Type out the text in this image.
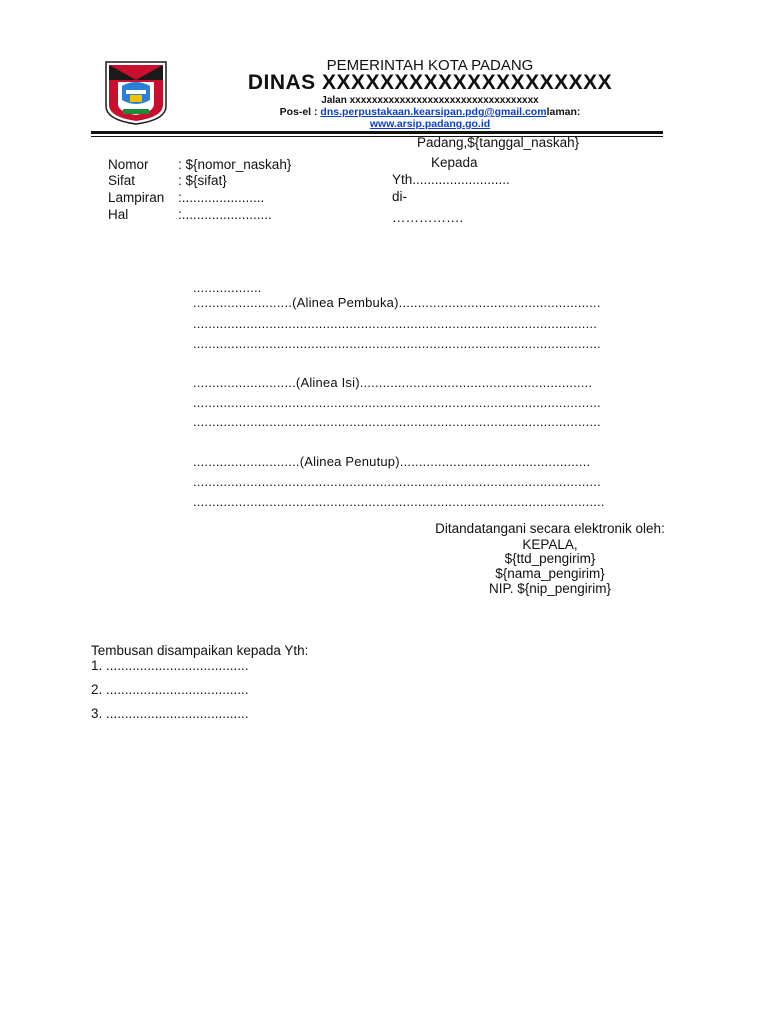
PEMERINTAH KOTA PADANG
DINAS XXXXXXXXXXXXXXXXXXXX
Jalan xxxxxxxxxxxxxxxxxxxxxxxxxxxxxxxxxx
Pos-el : dns.perpustakaan.kearsipan.pdg@gmail.comlaman:
www.arsip.padang.go.id
Padang,${tanggal_naskah}
Nomor : ${nomor_naskah}
Sifat	: ${sifat}
Lampiran :......................
Hal	:........................
Kepada
Yth..........................
di-
…………….
..................
..........................(Alinea Pembuka).....................................................
..........................................................................................................
...........................................................................................................
...........................(Alinea Isi).............................................................
...........................................................................................................
...........................................................................................................
............................(Alinea Penutup)..................................................
...........................................................................................................
............................................................................................................
Ditandatangani secara elektronik oleh:
KEPALA,
${ttd_pengirim}
${nama_pengirim}
NIP. ${nip_pengirim}
Tembusan disampaikan kepada Yth:
1. ......................................
2. ......................................
3. ......................................
